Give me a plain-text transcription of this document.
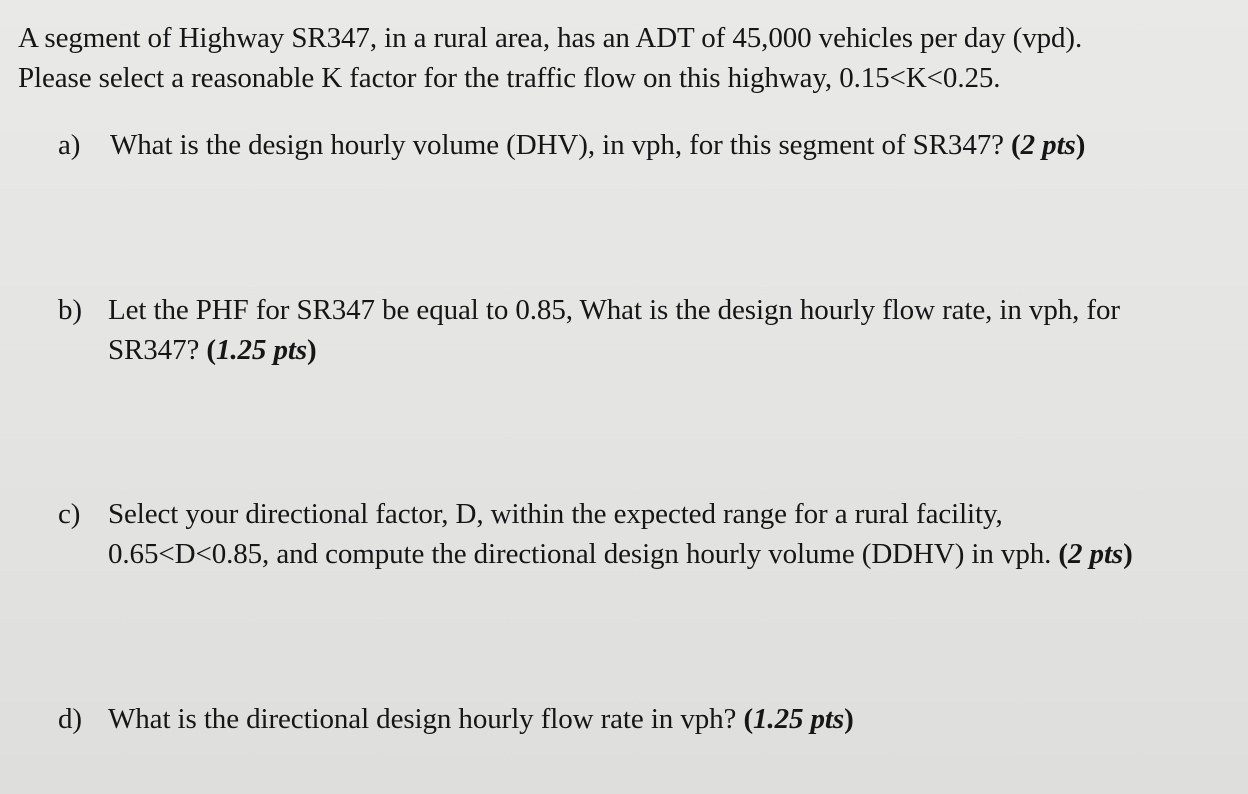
A segment of Highway SR347, in a rural area, has an ADT of 45,000 vehicles per day (vpd).

Please select a reasonable K factor for the traffic flow on this highway, 0.15<K<0.25.

a)	What is the design hourly volume (DHV), in vph, for this segment of SR347? (2 pts)
b) Let the PHF for SR347 be equal to 0.85, What is the design hourly flow rate, in vph, for
SR347? (1.25 pts)
c) Select your directional factor, D, within the expected range for a rural facility,
0.65<D<0.85, and compute the directional design hourly volume (DDHV) in vph. (2 pts)
d) What is the directional design hourly flow rate in vph? (1.25 pts)
